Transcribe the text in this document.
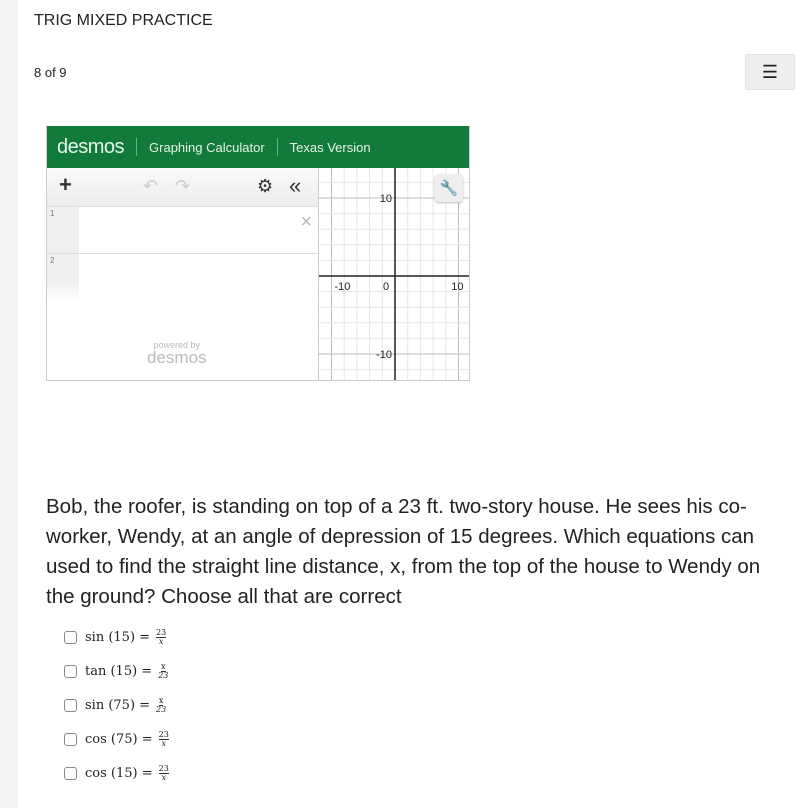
TRIG MIXED PRACTICE
8 of 9	☰
desmos Graphing Calculator Texas Version
+	↶ ↷	⚙ «
1	×
2
powered by
desmos
-10	0	10
10
-10
🔧
Bob, the roofer, is standing on top of a 23 ft. two-story house. He sees his co-worker, Wendy, at an angle of depression of 15 degrees. Which equations can used to find the straight line distance, x, from the top of the house to Wendy on the ground? Choose all that are correct
$\sin (15) = \frac{23}{x}$
$\tan (15) = \frac{x}{23}$
$\sin (75) = \frac{x}{23}$
$\cos (75) = \frac{23}{x}$
$\cos (15) = \frac{23}{x}$
